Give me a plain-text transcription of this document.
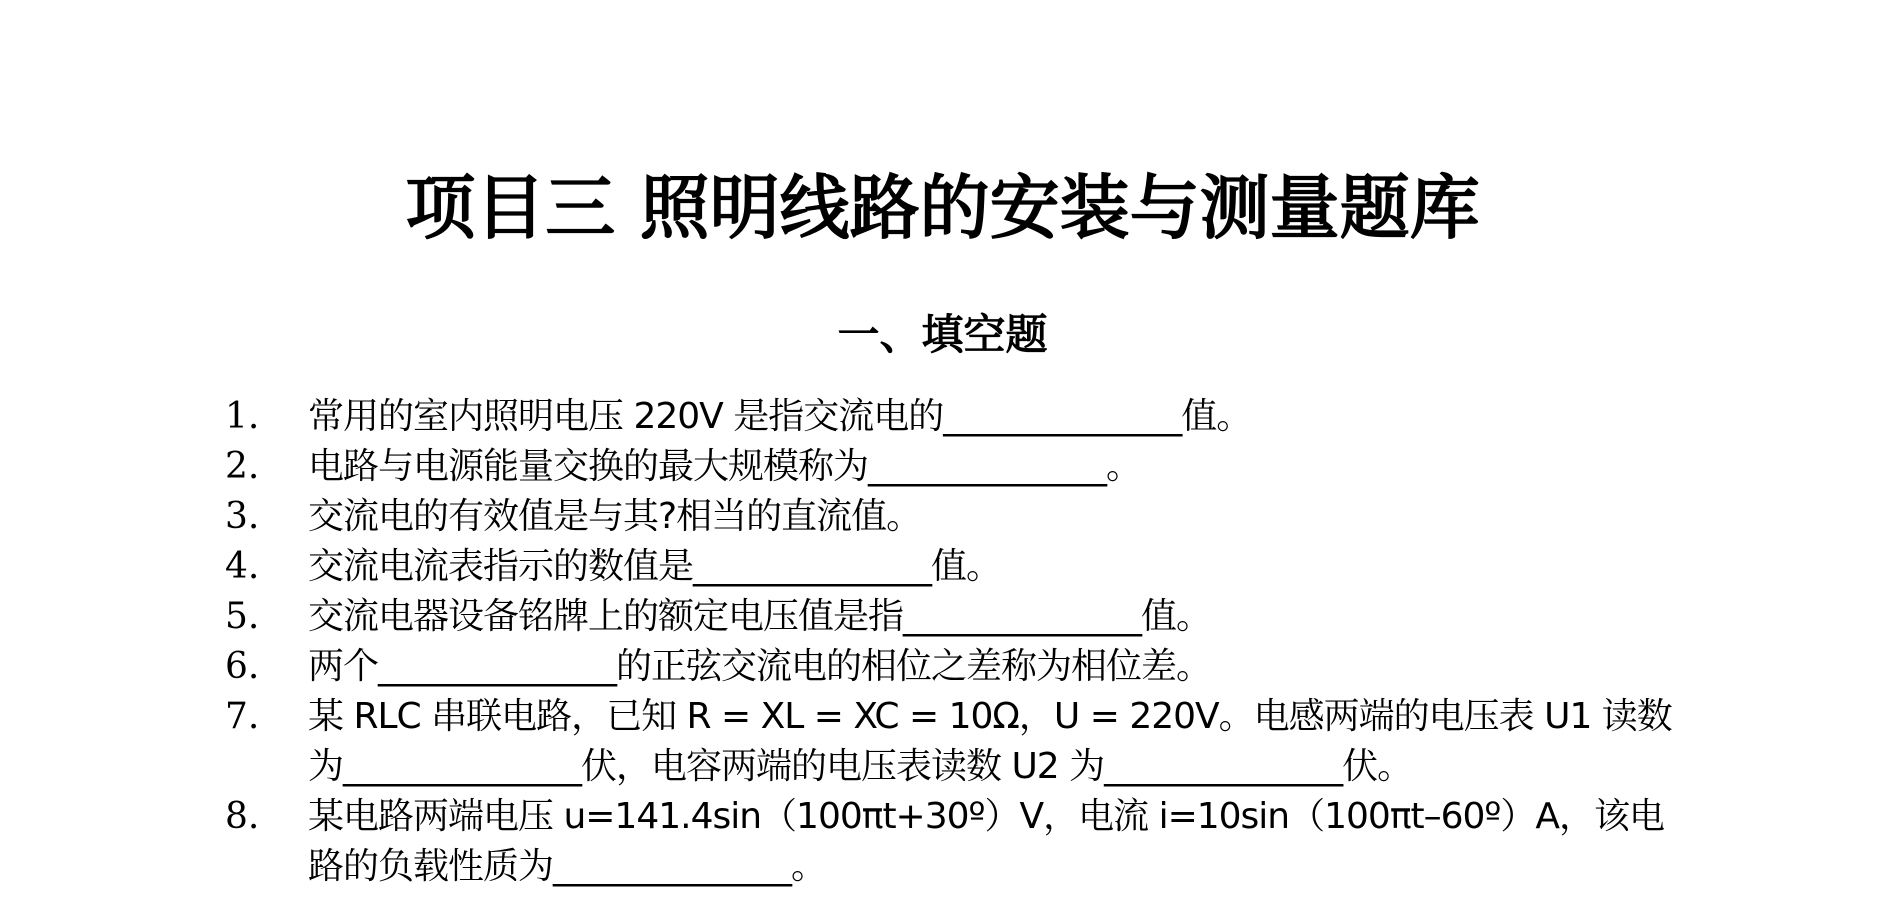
项目三 照明线路的安装与测量题库
一、填空题
1. 常用的室内照明电压 220V 是指交流电的______________值。
2. 电路与电源能量交换的最大规模称为______________。
3. 交流电的有效值是与其?相当的直流值。
4. 交流电流表指示的数值是______________值。
5. 交流电器设备铭牌上的额定电压值是指______________值。
6. 两个______________的正弦交流电的相位之差称为相位差。
7. 某 RLC 串联电路，已知 R = XL = XC = 10Ω，U = 220V。电感两端的电压表 U1 读数
为______________伏，电容两端的电压表读数 U2 为______________伏。
8. 某电路两端电压 u=141.4sin（100πt+30º）V，电流 i=10sin（100πt–60º）A，该电
路的负载性质为______________。
